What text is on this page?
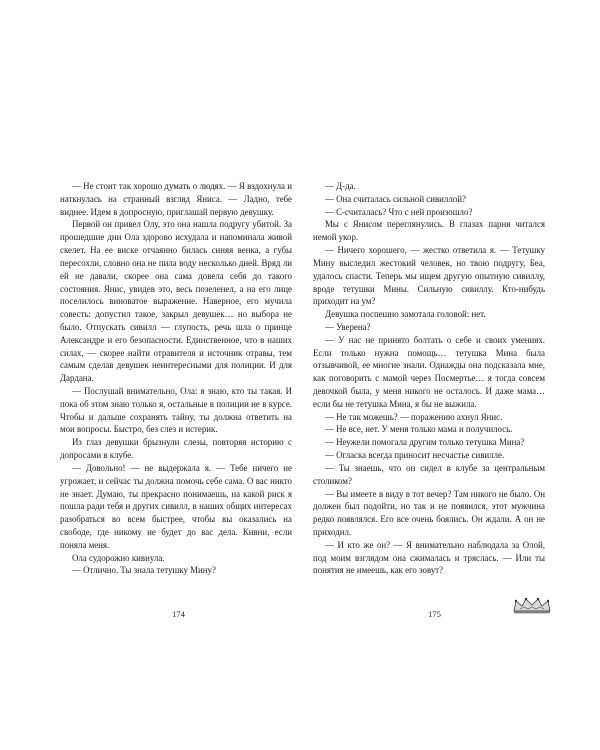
— Не стоит так хорошо думать о людях. — Я вздохнула и наткнулась на странный взгляд Яниса. — Ладно, тебе виднее. Идем в допросную, приглашай первую девушку.

Первой он привел Олу, это она нашла подругу убитой. За прошедшие дни Ола здорово исхудала и напоминала живой скелет. На ее виске отчаянно билась синяя венка, а губы пересохли, словно она не пила воду несколько дней. Вряд ли ей не давали, скорее она сама довела себя до такого состояния. Янис, увидев это, весь позеленел, а на его лице поселилось виноватое выражение. Наверное, его мучила совесть: допустил такое, закрыл девушек… но выбора не было. Отпускать сивилл — глупость, речь шла о принце Александре и его безопасности. Единственное, что в наших силах, — скорее найти отравителя и источник отравы, тем самым сделав девушек неинтересными для полиции. И для Дардана.

— Послушай внимательно, Ола: я знаю, кто ты такая. И пока об этом знаю только я, остальные в полиции не в курсе. Чтобы и дальше сохранять тайну, ты должна ответить на мои вопросы. Быстро, без слез и истерик.

Из глаз девушки брызнули слезы, повторяя историю с допросами в клубе.

— Довольно! — не выдержала я. — Тебе ничего не угрожает, и сейчас ты должна помочь себе сама. О вас никто не знает. Думаю, ты прекрасно понимаешь, на какой риск я пошла ради тебя и других сивилл, в наших общих интересах разобраться во всем быстрее, чтобы вы оказались на свободе, где никому не будет до вас дела. Кивни, если поняла меня.

Ола судорожно кивнула.

— Отлично. Ты знала тетушку Мину?

— Д-да.

— Она считалась сильной сивиллой?

— С-считалась? Что с ней произошло?

Мы с Янисом переглянулись. В глазах парня читался немой укор.

— Ничего хорошего, — жестко ответила я. — Тетушку Мину выследил жестокий человек, но твою подругу, Беа, удалось спасти. Теперь мы ищем другую опытную сивиллу, вроде тетушки Мины. Сильную сивиллу. Кто-нибудь приходит на ум?

Девушка поспешно замотала головой: нет.

— Уверена?

— У нас не принято болтать о себе и своих умениях. Если только нужна помощь… тетушка Мина была отзывчивой, ее многие знали. Однажды она подсказала мне, как поговорить с мамой через Посмертье… я тогда совсем девочкой была, у меня никого не осталось. И даже мама… если бы не тетушка Мина, я бы не выжила.

— Не так можешь? — поражению ахнул Янис.

— Не все, нет. У меня только мама и получилось.

— Неужели помогала другим только тетушка Мина?

— Огласка всегда приносит несчастье сивилле.

— Ты знаешь, что он сидел в клубе за центральным столиком?

— Вы имеете в виду в тот вечер? Там никого не было. Он должен был подойти, но так и не появился, этот мужчина редко появлялся. Его все очень боялись. Он ждали. А он не приходил.

— И кто же он? — Я внимательно наблюдала за Олой, под моим взглядом она сжималась и тряслась. — Или ты понятия не имеешь, как его зовут?

174	175
